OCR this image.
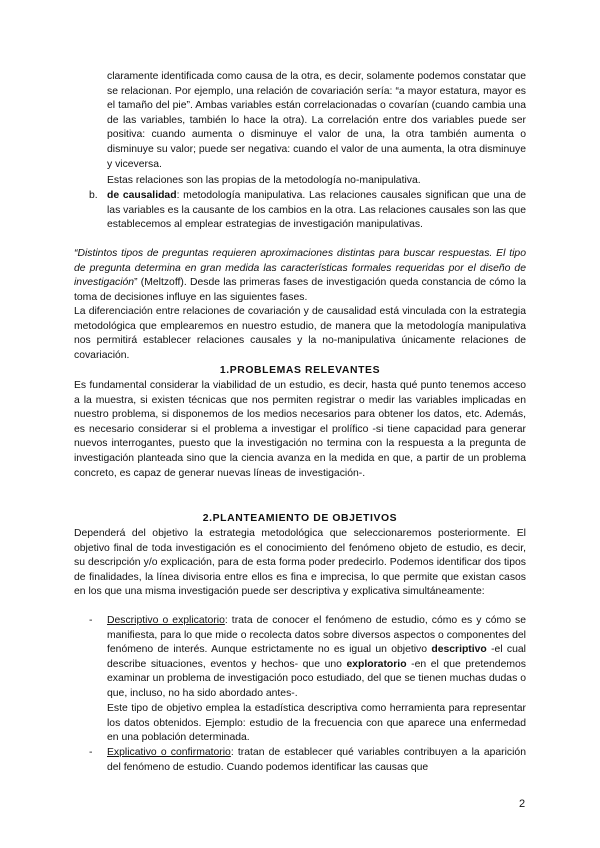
claramente identificada como causa de la otra, es decir, solamente podemos constatar que se relacionan. Por ejemplo, una relación de covariación sería: “a mayor estatura, mayor es el tamaño del pie”. Ambas variables están correlacionadas o covarían (cuando cambia una de las variables, también lo hace la otra). La correlación entre dos variables puede ser positiva: cuando aumenta o disminuye el valor de una, la otra también aumenta o disminuye su valor; puede ser negativa: cuando el valor de una aumenta, la otra disminuye y viceversa.

Estas relaciones son las propias de la metodología no-manipulativa.

b. de causalidad: metodología manipulativa. Las relaciones causales significan que una de las variables es la causante de los cambios en la otra. Las relaciones causales son las que establecemos al emplear estrategias de investigación manipulativas.

“Distintos tipos de preguntas requieren aproximaciones distintas para buscar respuestas. El tipo de pregunta determina en gran medida las características formales requeridas por el diseño de investigación” (Meltzoff). Desde las primeras fases de investigación queda constancia de cómo la toma de decisiones influye en las siguientes fases.

La diferenciación entre relaciones de covariación y de causalidad está vinculada con la estrategia metodológica que emplearemos en nuestro estudio, de manera que la metodología manipulativa nos permitirá establecer relaciones causales y la no-manipulativa únicamente relaciones de covariación.

1.PROBLEMAS RELEVANTES

Es fundamental considerar la viabilidad de un estudio, es decir, hasta qué punto tenemos acceso a la muestra, si existen técnicas que nos permiten registrar o medir las variables implicadas en nuestro problema, si disponemos de los medios necesarios para obtener los datos, etc. Además, es necesario considerar si el problema a investigar el prolífico -si tiene capacidad para generar nuevos interrogantes, puesto que la investigación no termina con la respuesta a la pregunta de investigación planteada sino que la ciencia avanza en la medida en que, a partir de un problema concreto, es capaz de generar nuevas líneas de investigación-.

2.PLANTEAMIENTO DE OBJETIVOS

Dependerá del objetivo la estrategia metodológica que seleccionaremos posteriormente. El objetivo final de toda investigación es el conocimiento del fenómeno objeto de estudio, es decir, su descripción y/o explicación, para de esta forma poder predecirlo. Podemos identificar dos tipos de finalidades, la línea divisoria entre ellos es fina e imprecisa, lo que permite que existan casos en los que una misma investigación puede ser descriptiva y explicativa simultáneamente:

- Descriptivo o explicatorio: trata de conocer el fenómeno de estudio, cómo es y cómo se manifiesta, para lo que mide o recolecta datos sobre diversos aspectos o componentes del fenómeno de interés. Aunque estrictamente no es igual un objetivo descriptivo -el cual describe situaciones, eventos y hechos- que uno exploratorio -en el que pretendemos examinar un problema de investigación poco estudiado, del que se tienen muchas dudas o que, incluso, no ha sido abordado antes-.

Este tipo de objetivo emplea la estadística descriptiva como herramienta para representar los datos obtenidos. Ejemplo: estudio de la frecuencia con que aparece una enfermedad en una población determinada.

- Explicativo o confirmatorio: tratan de establecer qué variables contribuyen a la aparición del fenómeno de estudio. Cuando podemos identificar las causas que

2
